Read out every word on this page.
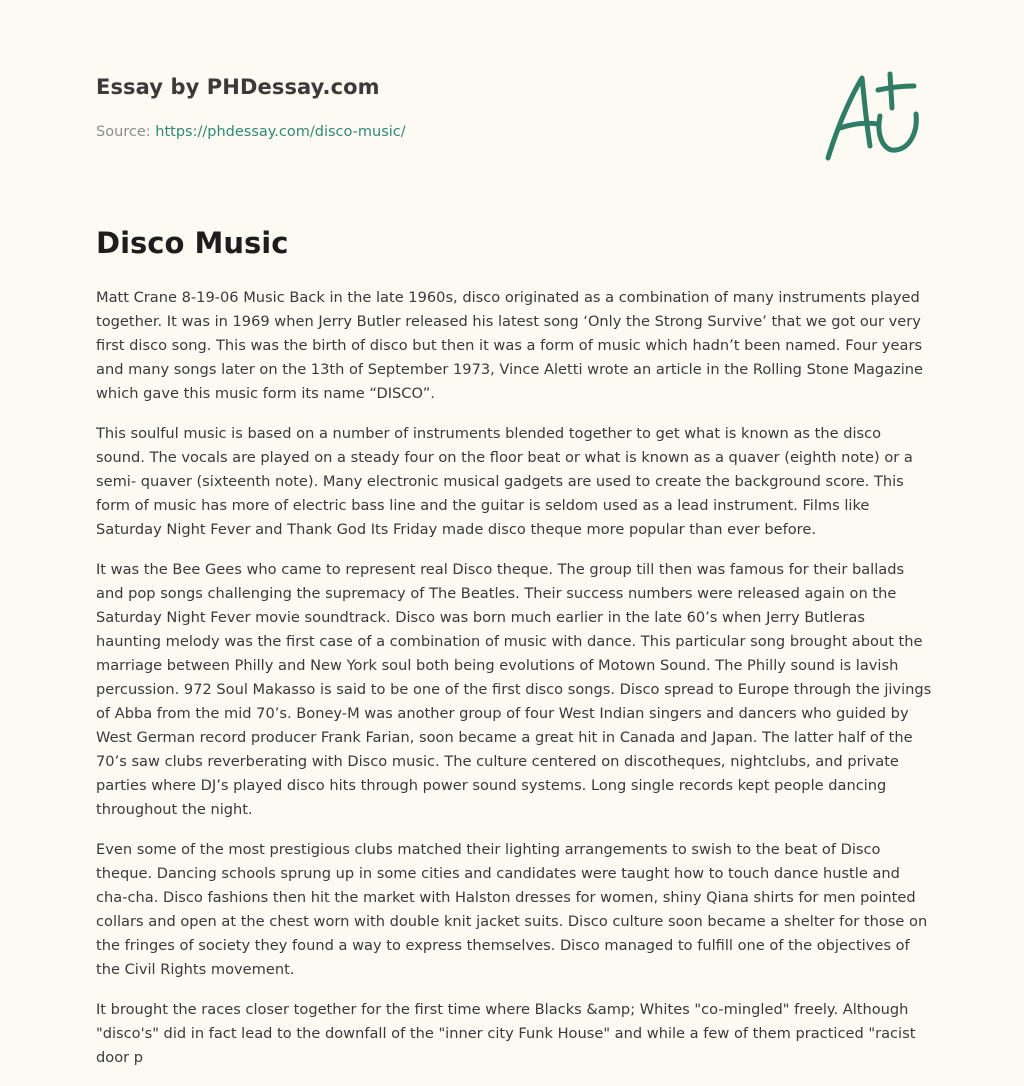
Essay by PHDessay.com
Source: https://phdessay.com/disco-music/
Disco Music

Matt Crane 8-19-06 Music Back in the late 1960s, disco originated as a combination of many instruments played together. It was in 1969 when Jerry Butler released his latest song ‘Only the Strong Survive’ that we got our very first disco song. This was the birth of disco but then it was a form of music which hadn’t been named. Four years and many songs later on the 13th of September 1973, Vince Aletti wrote an article in the Rolling Stone Magazine which gave this music form its name “DISCO”.

This soulful music is based on a number of instruments blended together to get what is known as the disco sound. The vocals are played on a steady four on the floor beat or what is known as a quaver (eighth note) or a semi- quaver (sixteenth note). Many electronic musical gadgets are used to create the background score. This form of music has more of electric bass line and the guitar is seldom used as a lead instrument. Films like Saturday Night Fever and Thank God Its Friday made disco theque more popular than ever before.

It was the Bee Gees who came to represent real Disco theque. The group till then was famous for their ballads and pop songs challenging the supremacy of The Beatles. Their success numbers were released again on the Saturday Night Fever movie soundtrack. Disco was born much earlier in the late 60’s when Jerry Butleras haunting melody was the first case of a combination of music with dance. This particular song brought about the marriage between Philly and New York soul both being evolutions of Motown Sound. The Philly sound is lavish percussion. 972 Soul Makasso is said to be one of the first disco songs. Disco spread to Europe through the jivings of Abba from the mid 70’s. Boney-M was another group of four West Indian singers and dancers who guided by West German record producer Frank Farian, soon became a great hit in Canada and Japan. The latter half of the 70’s saw clubs reverberating with Disco music. The culture centered on discotheques, nightclubs, and private parties where DJ’s played disco hits through power sound systems. Long single records kept people dancing throughout the night.

Even some of the most prestigious clubs matched their lighting arrangements to swish to the beat of Disco theque. Dancing schools sprung up in some cities and candidates were taught how to touch dance hustle and cha-cha. Disco fashions then hit the market with Halston dresses for women, shiny Qiana shirts for men pointed collars and open at the chest worn with double knit jacket suits. Disco culture soon became a shelter for those on the fringes of society they found a way to express themselves. Disco managed to fulfill one of the objectives of the Civil Rights movement.

It brought the races closer together for the first time where Blacks &amp; Whites "co-mingled" freely. Although "disco's" did in fact lead to the downfall of the "inner city Funk House" and while a few of them practiced "racist door p
